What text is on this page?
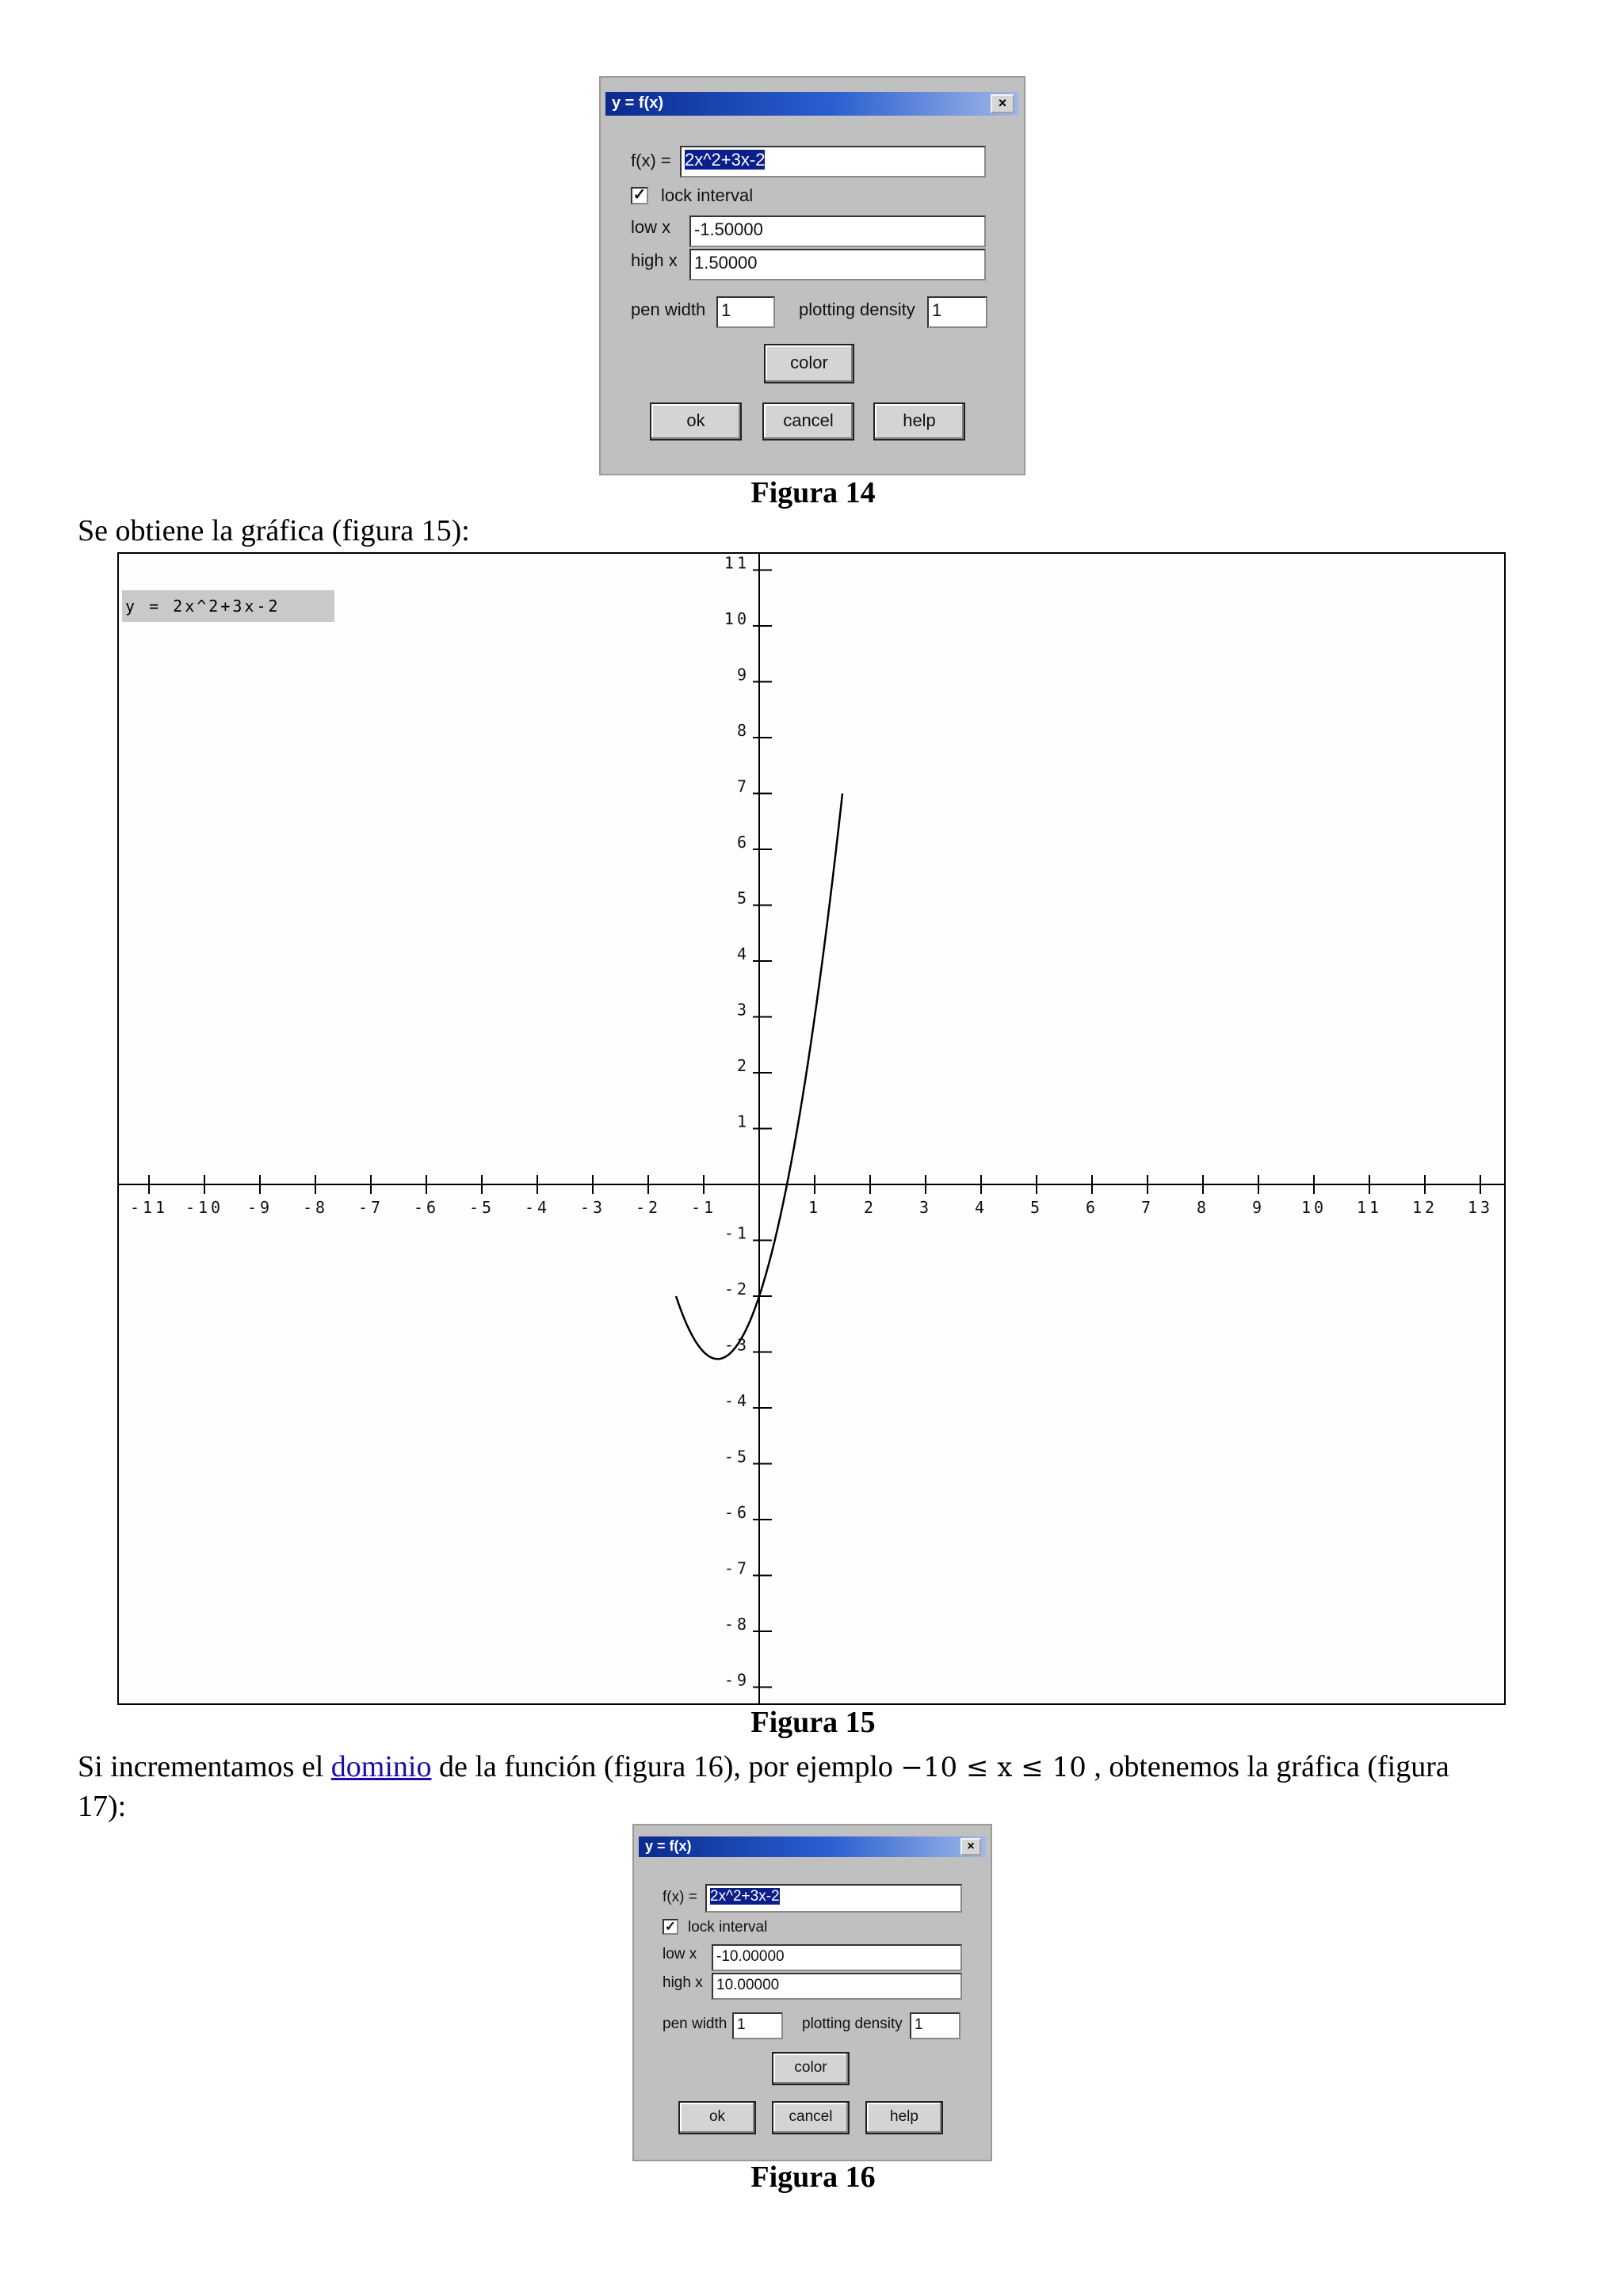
y = f(x)	×
f(x) = 2x^2+3x-2
✓ lock interval
low x -1.50000
high x 1.50000
pen width 1	plotting density 1
color
ok	cancel	help
Figura 14
Se obtiene la gráfica (figura 15):
y = 2x^2+3x-2
-11 -10 -9 -8 -7 -6 -5 -4 -3 -2 -1	1	2	3	4	5	6	7	8	9 10 11 12 13
11
10
9
8
7
6
5
4
3
2
1
-1
-2
-3
-4
-5
-6
-7
-8
-9
Figura 15
Si incrementamos el dominio de la función (figura 16), por ejemplo −10 ≤ x ≤ 10 , obtenemos la gráfica (figura
17):
y = f(x)	×
f(x) = 2x^2+3x-2
✓ lock interval
low x	-10.00000
high x 10.00000
pen width 1	plotting density 1
color
ok	cancel	help
Figura 16
